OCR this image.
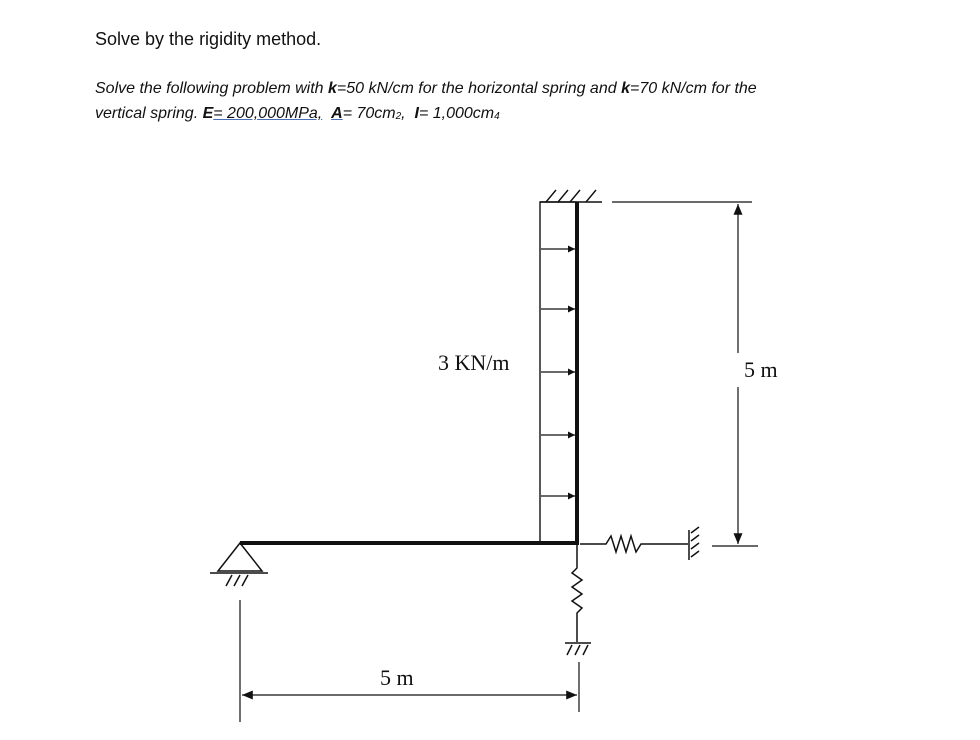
Solve by the rigidity method.
Solve the following problem with k=50 kN/cm for the horizontal spring and k=70 kN/cm for the
vertical spring. E= 200,000MPa, $A= 70cm_2$,  $I= 1,000cm_4$
5 m
5 m
3 KN/m
